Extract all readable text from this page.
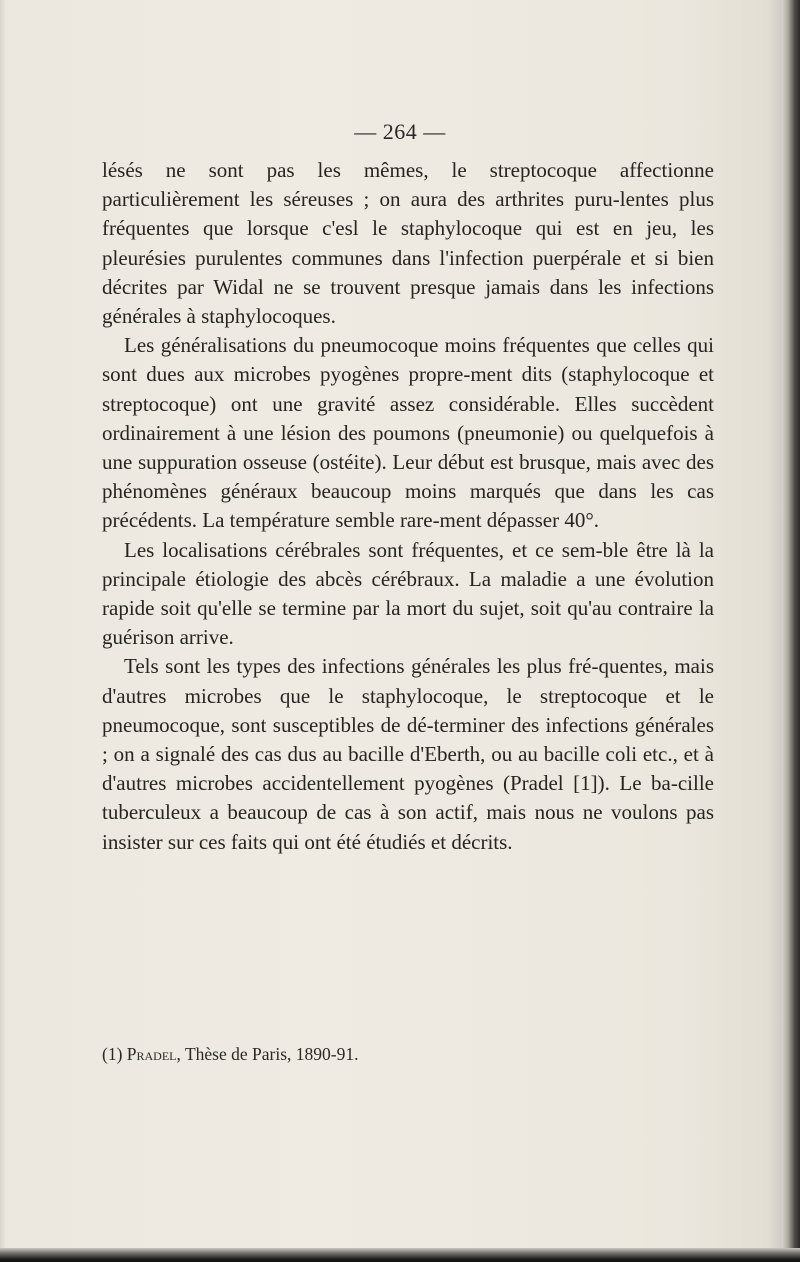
— 264 —

lésés ne sont pas les mêmes, le streptocoque affectionne particulièrement les séreuses ; on aura des arthrites puru-lentes plus fréquentes que lorsque c'esl le staphylocoque qui est en jeu, les pleurésies purulentes communes dans l'infection puerpérale et si bien décrites par Widal ne se trouvent presque jamais dans les infections générales à staphylocoques.

Les généralisations du pneumocoque moins fréquentes que celles qui sont dues aux microbes pyogènes propre-ment dits (staphylocoque et streptocoque) ont une gravité assez considérable. Elles succèdent ordinairement à une lésion des poumons (pneumonie) ou quelquefois à une suppuration osseuse (ostéite). Leur début est brusque, mais avec des phénomènes généraux beaucoup moins marqués que dans les cas précédents. La température semble rare-ment dépasser 40°.

Les localisations cérébrales sont fréquentes, et ce sem-ble être là la principale étiologie des abcès cérébraux. La maladie a une évolution rapide soit qu'elle se termine par la mort du sujet, soit qu'au contraire la guérison arrive.

Tels sont les types des infections générales les plus fré-quentes, mais d'autres microbes que le staphylocoque, le streptocoque et le pneumocoque, sont susceptibles de dé-terminer des infections générales ; on a signalé des cas dus au bacille d'Eberth, ou au bacille coli etc., et à d'autres microbes accidentellement pyogènes (Pradel [1]). Le ba-cille tuberculeux a beaucoup de cas à son actif, mais nous ne voulons pas insister sur ces faits qui ont été étudiés et décrits.

(1) Pradel, Thèse de Paris, 1890-91.
